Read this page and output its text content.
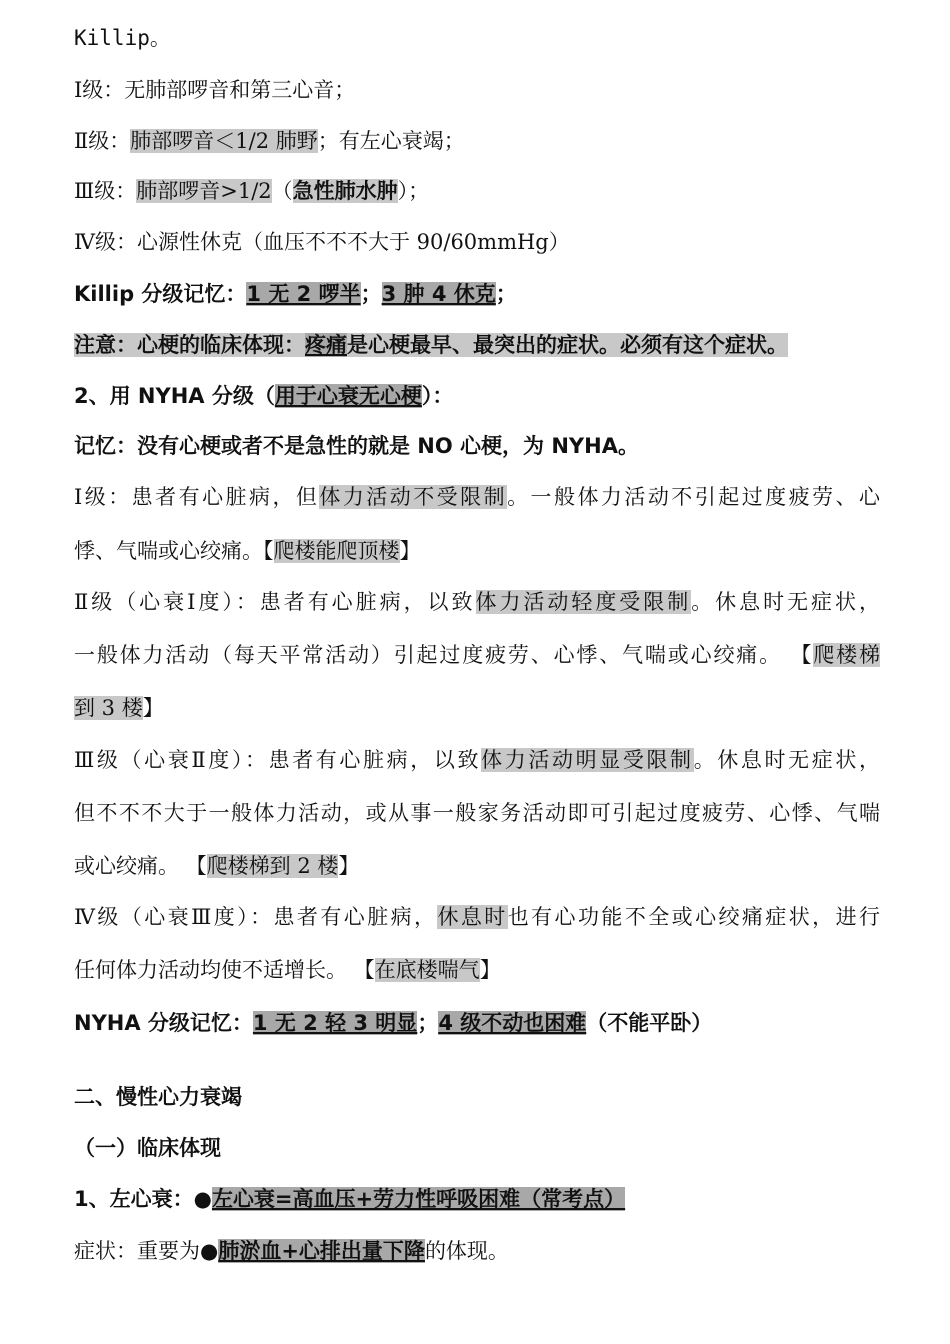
Killip。
Ⅰ级：无肺部啰音和第三心音；
Ⅱ级：肺部啰音＜1/2 肺野；有左心衰竭；
Ⅲ级：肺部啰音>1/2（急性肺水肿）；
Ⅳ级：心源性休克（血压不不不大于 90/60mmHg）
Killip 分级记忆：1 无 2 啰半；3 肿 4 休克；
注意：心梗的临床体现：疼痛是心梗最早、最突出的症状。必须有这个症状。
2、用 NYHA 分级（用于心衰无心梗）：
记忆：没有心梗或者不是急性的就是 NO 心梗，为 NYHA。
Ⅰ级：患者有心脏病，但体力活动不受限制。一般体力活动不引起过度疲劳、心
悸、气喘或心绞痛。【爬楼能爬顶楼】
Ⅱ级（心衰Ⅰ度）：患者有心脏病，以致体力活动轻度受限制。休息时无症状，
一般体力活动（每天平常活动）引起过度疲劳、心悸、气喘或心绞痛。 【爬楼梯
到 3 楼】
Ⅲ级（心衰Ⅱ度）：患者有心脏病，以致体力活动明显受限制。休息时无症状，
但不不不大于一般体力活动，或从事一般家务活动即可引起过度疲劳、心悸、气喘
或心绞痛。 【爬楼梯到 2 楼】
Ⅳ级（心衰Ⅲ度）：患者有心脏病，休息时也有心功能不全或心绞痛症状，进行
任何体力活动均使不适增长。 【在底楼喘气】
NYHA 分级记忆：1 无 2 轻 3 明显；4 级不动也困难（不能平卧）
二、慢性心力衰竭
（一）临床体现
1、左心衰：●左心衰=高血压+劳力性呼吸困难（常考点）
症状：重要为●肺淤血+心排出量下降的体现。
